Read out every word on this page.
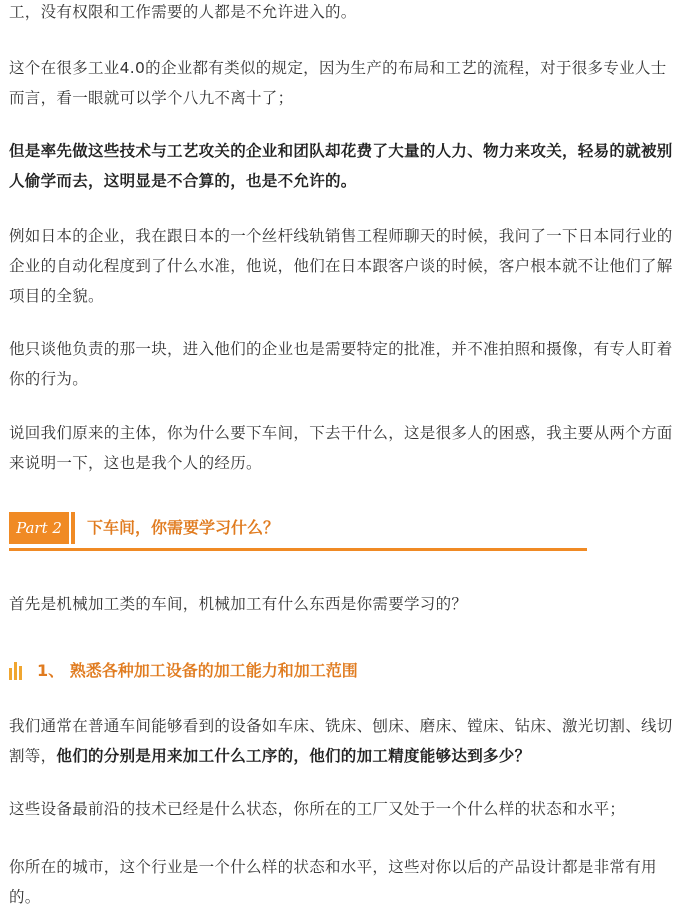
工，没有权限和工作需要的人都是不允许进入的。

这个在很多工业4.0的企业都有类似的规定，因为生产的布局和工艺的流程，对于很多专业人士而言，看一眼就可以学个八九不离十了；

但是率先做这些技术与工艺攻关的企业和团队却花费了大量的人力、物力来攻关，轻易的就被别人偷学而去，这明显是不合算的，也是不允许的。

例如日本的企业，我在跟日本的一个丝杆线轨销售工程师聊天的时候，我问了一下日本同行业的企业的自动化程度到了什么水准，他说，他们在日本跟客户谈的时候，客户根本就不让他们了解项目的全貌。

他只谈他负责的那一块，进入他们的企业也是需要特定的批准，并不准拍照和摄像，有专人盯着你的行为。

说回我们原来的主体，你为什么要下车间，下去干什么，这是很多人的困惑，我主要从两个方面来说明一下，这也是我个人的经历。

Part 2	下车间，你需要学习什么？

首先是机械加工类的车间，机械加工有什么东西是你需要学习的？

1、 熟悉各种加工设备的加工能力和加工范围

我们通常在普通车间能够看到的设备如车床、铣床、刨床、磨床、镗床、钻床、激光切割、线切割等，他们的分别是用来加工什么工序的，他们的加工精度能够达到多少？

这些设备最前沿的技术已经是什么状态，你所在的工厂又处于一个什么样的状态和水平；

你所在的城市，这个行业是一个什么样的状态和水平，这些对你以后的产品设计都是非常有用的。
